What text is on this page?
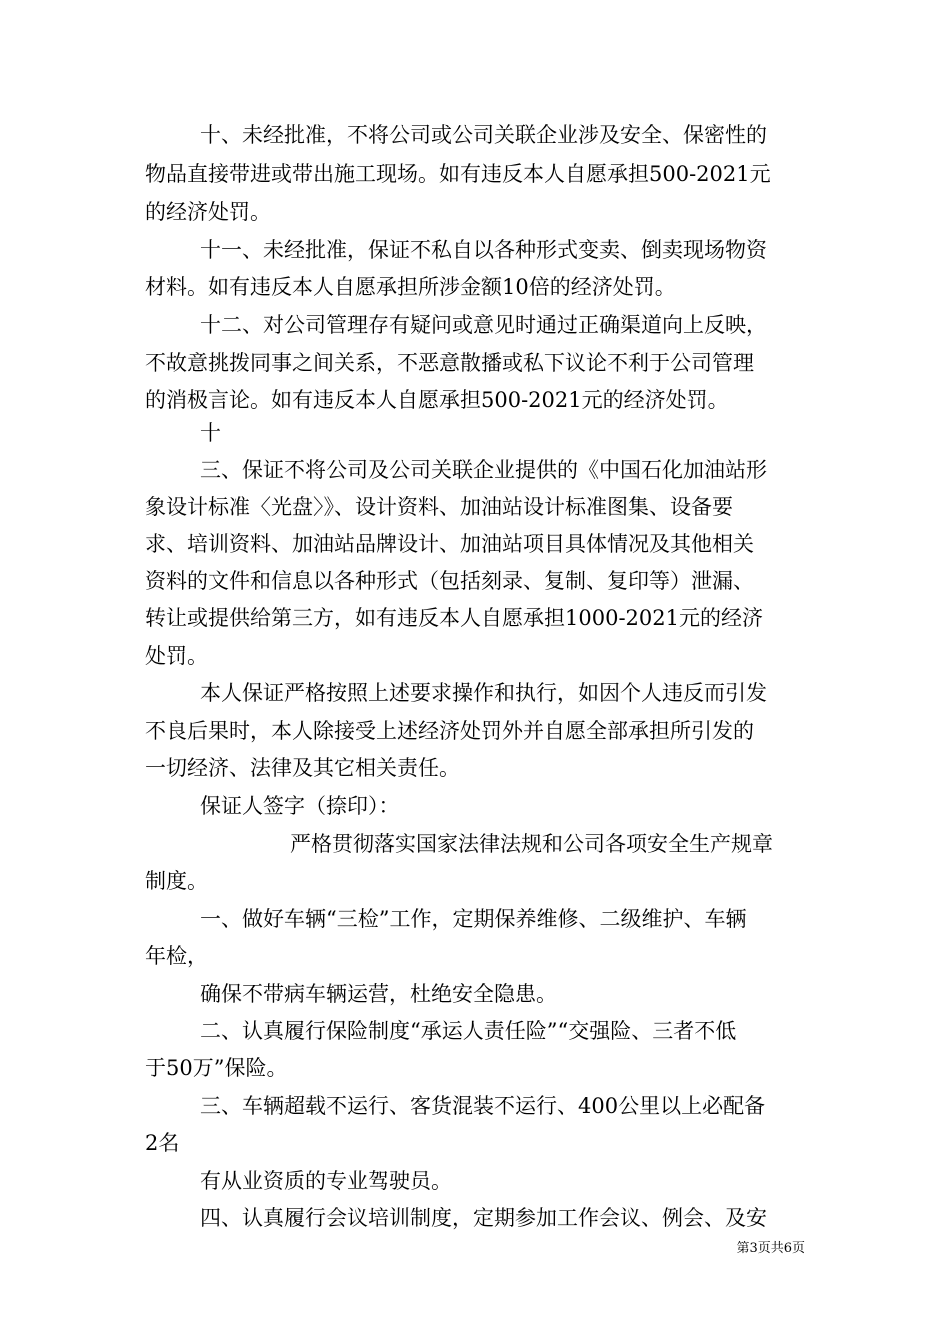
十、未经批准，不将公司或公司关联企业涉及安全、保密性的
物品直接带进或带出施工现场。如有违反本人自愿承担500-2021元
的经济处罚。
十一、未经批准，保证不私自以各种形式变卖、倒卖现场物资
材料。如有违反本人自愿承担所涉金额10倍的经济处罚。
十二、对公司管理存有疑问或意见时通过正确渠道向上反映，
不故意挑拨同事之间关系，不恶意散播或私下议论不利于公司管理
的消极言论。如有违反本人自愿承担500-2021元的经济处罚。
十
三、保证不将公司及公司关联企业提供的《中国石化加油站形
象设计标准〈光盘〉》、设计资料、加油站设计标准图集、设备要
求、培训资料、加油站品牌设计、加油站项目具体情况及其他相关
资料的文件和信息以各种形式（包括刻录、复制、复印等）泄漏、
转让或提供给第三方，如有违反本人自愿承担1000-2021元的经济
处罚。
本人保证严格按照上述要求操作和执行，如因个人违反而引发
不良后果时，本人除接受上述经济处罚外并自愿全部承担所引发的
一切经济、法律及其它相关责任。
保证人签字（捺印）：
严格贯彻落实国家法律法规和公司各项安全生产规章
制度。
一、做好车辆“三检”工作，定期保养维修、二级维护、车辆
年检，
确保不带病车辆运营，杜绝安全隐患。
二、认真履行保险制度“承运人责任险”“交强险、三者不低
于50万”保险。
三、车辆超载不运行、客货混装不运行、400公里以上必配备
2名
有从业资质的专业驾驶员。
四、认真履行会议培训制度，定期参加工作会议、例会、及安
第3页共6页
